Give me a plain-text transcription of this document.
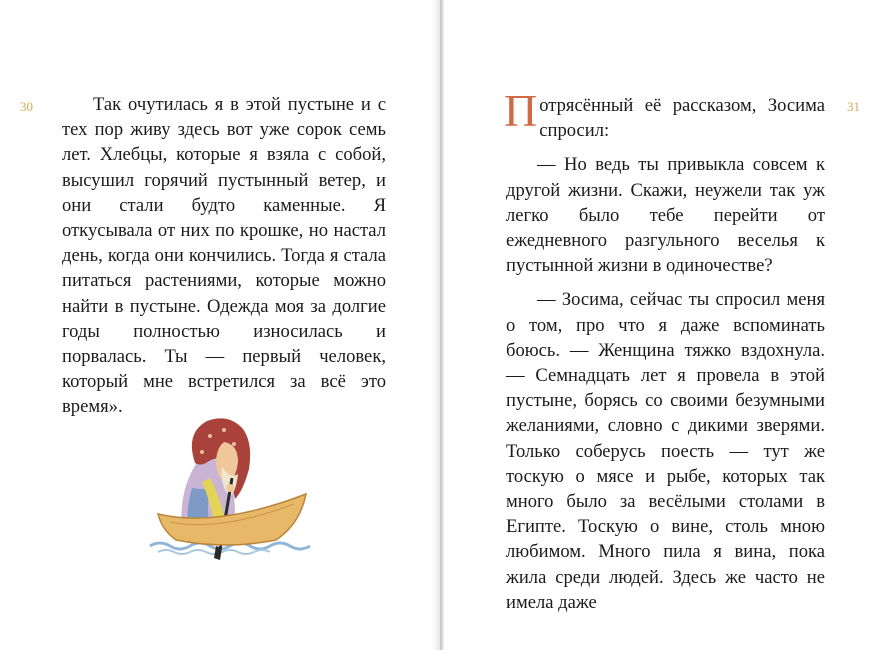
30	Так очутилась я в этой пустыне и с тех пор живу здесь вот уже сорок семь лет. Хлебцы, которые я взяла с собой, высушил горячий пустынный ветер, и они стали будто каменные. Я откусывала от них по крошке, но настал день, когда они кончились. Тогда я стала питаться растениями, которые можно найти в пустыне. Одежда моя за долгие годы полностью износилась и порвалась. Ты — первый человек, который мне встретился за всё это время».

31

Потрясённый её рассказом, Зосима спросил:

— Но ведь ты привыкла совсем к другой жизни. Скажи, неужели так уж легко было тебе перейти от ежедневного разгульного веселья к пустынной жизни в одиночестве?

— Зосима, сейчас ты спросил меня о том, про что я даже вспоминать боюсь. — Женщина тяжко вздохнула. — Семнадцать лет я провела в этой пустыне, борясь со своими безумными желаниями, словно с дикими зверями. Только соберусь поесть — тут же тоскую о мясе и рыбе, которых так много было за весёлыми столами в Египте. Тоскую о вине, столь мною любимом. Много пила я вина, пока жила среди людей. Здесь же часто не имела даже
